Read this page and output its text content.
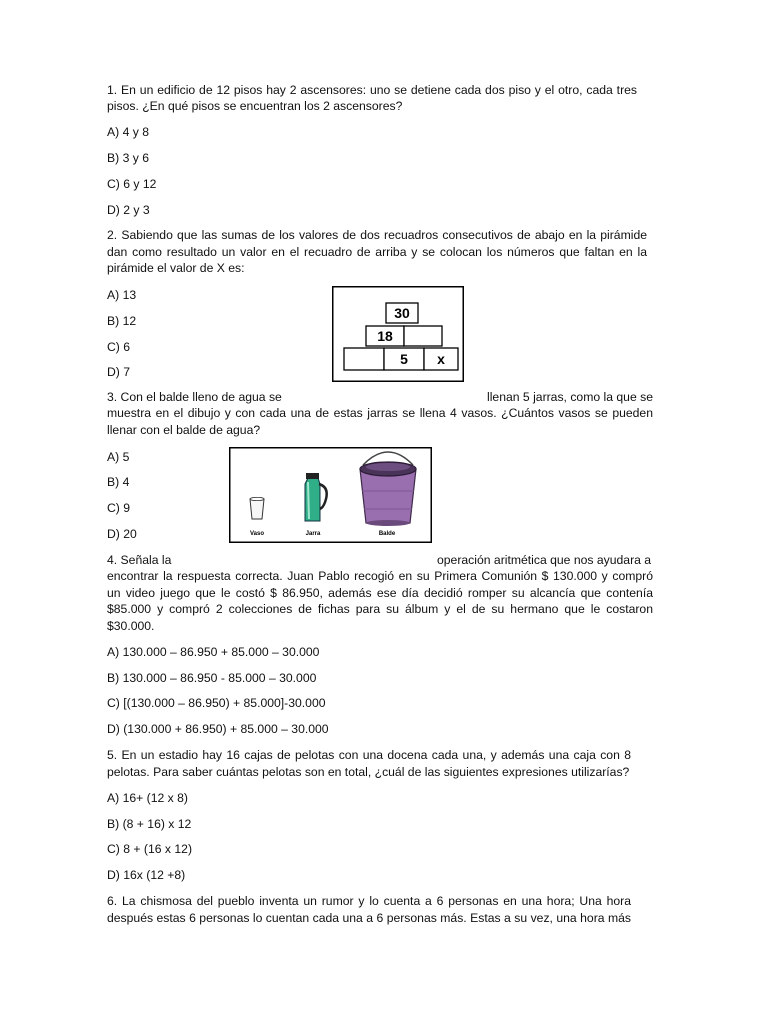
1. En un edificio de 12 pisos hay 2 ascensores: uno se detiene cada dos piso y el otro, cada tres
pisos. ¿En qué pisos se encuentran los 2 ascensores?
A) 4 y 8
B) 3 y 6
C) 6 y 12
D) 2 y 3
2. Sabiendo que las sumas de los valores de dos recuadros consecutivos de abajo en la pirámide
dan como resultado un valor en el recuadro de arriba y se colocan los números que faltan en la
pirámide el valor de X es:
A) 13
B) 12
C) 6
D) 7
30
18
5 x
3. Con el balde lleno de agua se	llenan 5 jarras, como la que se
muestra en el dibujo y con cada una de estas jarras se llena 4 vasos. ¿Cuántos vasos se pueden
llenar con el balde de agua?
A) 5
B) 4
C) 9
D) 20	Vaso	Jarra	Balde
4. Señala la	operación aritmética que nos ayudara a
encontrar la respuesta correcta. Juan Pablo recogió en su Primera Comunión $ 130.000 y compró
un video juego que le costó $ 86.950, además ese día decidió romper su alcancía que contenía
$85.000 y compró 2 colecciones de fichas para su álbum y el de su hermano que le costaron
$30.000.
A) 130.000 – 86.950 + 85.000 – 30.000
B) 130.000 – 86.950 - 85.000 – 30.000
C) [(130.000 – 86.950) + 85.000]-30.000
D) (130.000 + 86.950) + 85.000 – 30.000
5. En un estadio hay 16 cajas de pelotas con una docena cada una, y además una caja con 8
pelotas. Para saber cuántas pelotas son en total, ¿cuál de las siguientes expresiones utilizarías?
A) 16+ (12 x 8)
B) (8 + 16) x 12
C) 8 + (16 x 12)
D) 16x (12 +8)
6. La chismosa del pueblo inventa un rumor y lo cuenta a 6 personas en una hora; Una hora
después estas 6 personas lo cuentan cada una a 6 personas más. Estas a su vez, una hora más
